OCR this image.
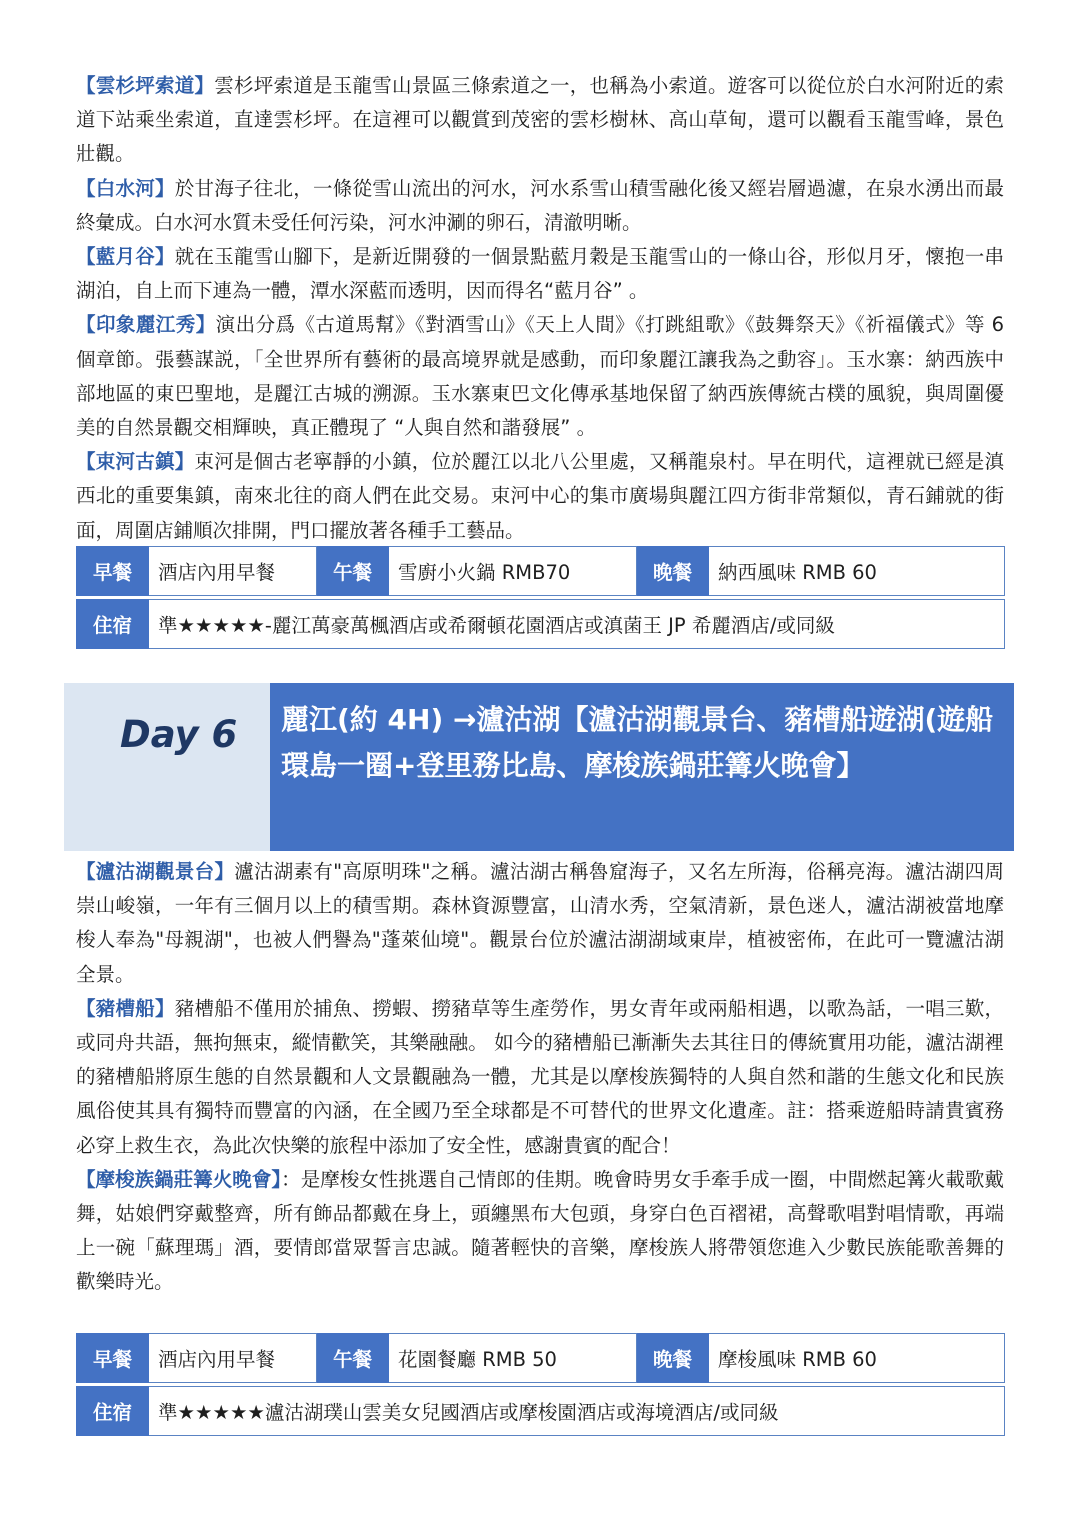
【雲杉坪索道】雲杉坪索道是玉龍雪山景區三條索道之一，也稱為小索道。遊客可以從位於白水河附近的索道下站乘坐索道，直達雲杉坪。在這裡可以觀賞到茂密的雲杉樹林、高山草甸，還可以觀看玉龍雪峰，景色壯觀。

【白水河】於甘海子往北，一條從雪山流出的河水，河水系雪山積雪融化後又經岩層過濾，在泉水湧出而最終彙成。白水河水質未受任何污染，河水沖涮的卵石，清澈明晰。

【藍月谷】就在玉龍雪山腳下，是新近開發的一個景點藍月穀是玉龍雪山的一條山谷，形似月牙，懷抱一串湖泊，自上而下連為一體，潭水深藍而透明，因而得名“藍月谷” 。

【印象麗江秀】演出分爲《古道馬幫》《對酒雪山》《天上人間》《打跳組歌》《鼓舞祭天》《祈福儀式》等 6 個章節。張藝謀説，「全世界所有藝術的最高境界就是感動，而印象麗江讓我為之動容」。玉水寨：納西族中部地區的東巴聖地，是麗江古城的溯源。玉水寨東巴文化傳承基地保留了納西族傳統古樸的風貌，與周圍優美的自然景觀交相輝映，真正體現了 “人與自然和諧發展” 。

【束河古鎮】束河是個古老寧靜的小鎮，位於麗江以北八公里處，又稱龍泉村。早在明代，這裡就已經是滇西北的重要集鎮，南來北往的商人們在此交易。束河中心的集市廣場與麗江四方街非常類似，青石鋪就的街面，周圍店鋪順次排開，門口擺放著各種手工藝品。

早餐	酒店內用早餐	午餐	雪廚小火鍋 RMB70	晚餐	納西風味 RMB 60

住宿	準★★★★★-麗江萬豪萬楓酒店或希爾頓花園酒店或滇菌王 JP 希麗酒店/或同級				
Day 6 麗江(約 4H) →瀘沽湖【瀘沽湖觀景台、豬槽船遊湖(遊船環島一圈+登里務比島、摩梭族鍋莊篝火晚會】

【瀘沽湖觀景台】瀘沽湖素有"高原明珠"之稱。瀘沽湖古稱魯窟海子，又名左所海，俗稱亮海。瀘沽湖四周崇山峻嶺，一年有三個月以上的積雪期。森林資源豐富，山清水秀，空氣清新，景色迷人，瀘沽湖被當地摩梭人奉為"母親湖"，也被人們譽為"蓬萊仙境"。觀景台位於瀘沽湖湖域東岸，植被密佈，在此可一覽瀘沽湖全景。

【豬槽船】豬槽船不僅用於捕魚、撈蝦、撈豬草等生產勞作，男女青年或兩船相遇，以歌為話，一唱三歎，或同舟共語，無拘無束，縱情歡笑，其樂融融。 如今的豬槽船已漸漸失去其往日的傳統實用功能，瀘沽湖裡的豬槽船將原生態的自然景觀和人文景觀融為一體，尤其是以摩梭族獨特的人與自然和諧的生態文化和民族風俗使其具有獨特而豐富的內涵，在全國乃至全球都是不可替代的世界文化遺產。註：搭乘遊船時請貴賓務必穿上救生衣，為此次快樂的旅程中添加了安全性，感謝貴賓的配合！

【摩梭族鍋莊篝火晚會】：是摩梭女性挑選自己情郎的佳期。晚會時男女手牽手成一圈，中間燃起篝火載歌戴舞，姑娘們穿戴整齊，所有飾品都戴在身上，頭纏黑布大包頭，身穿白色百褶裙，高聲歌唱對唱情歌，再端上一碗「蘇理瑪」酒，要情郎當眾誓言忠誠。隨著輕快的音樂，摩梭族人將帶領您進入少數民族能歌善舞的歡樂時光。

早餐	酒店內用早餐	午餐	花園餐廳 RMB 50	晚餐	摩梭風味 RMB 60

住宿	準★★★★★瀘沽湖璞山雲美女兒國酒店或摩梭園酒店或海境酒店/或同級				
